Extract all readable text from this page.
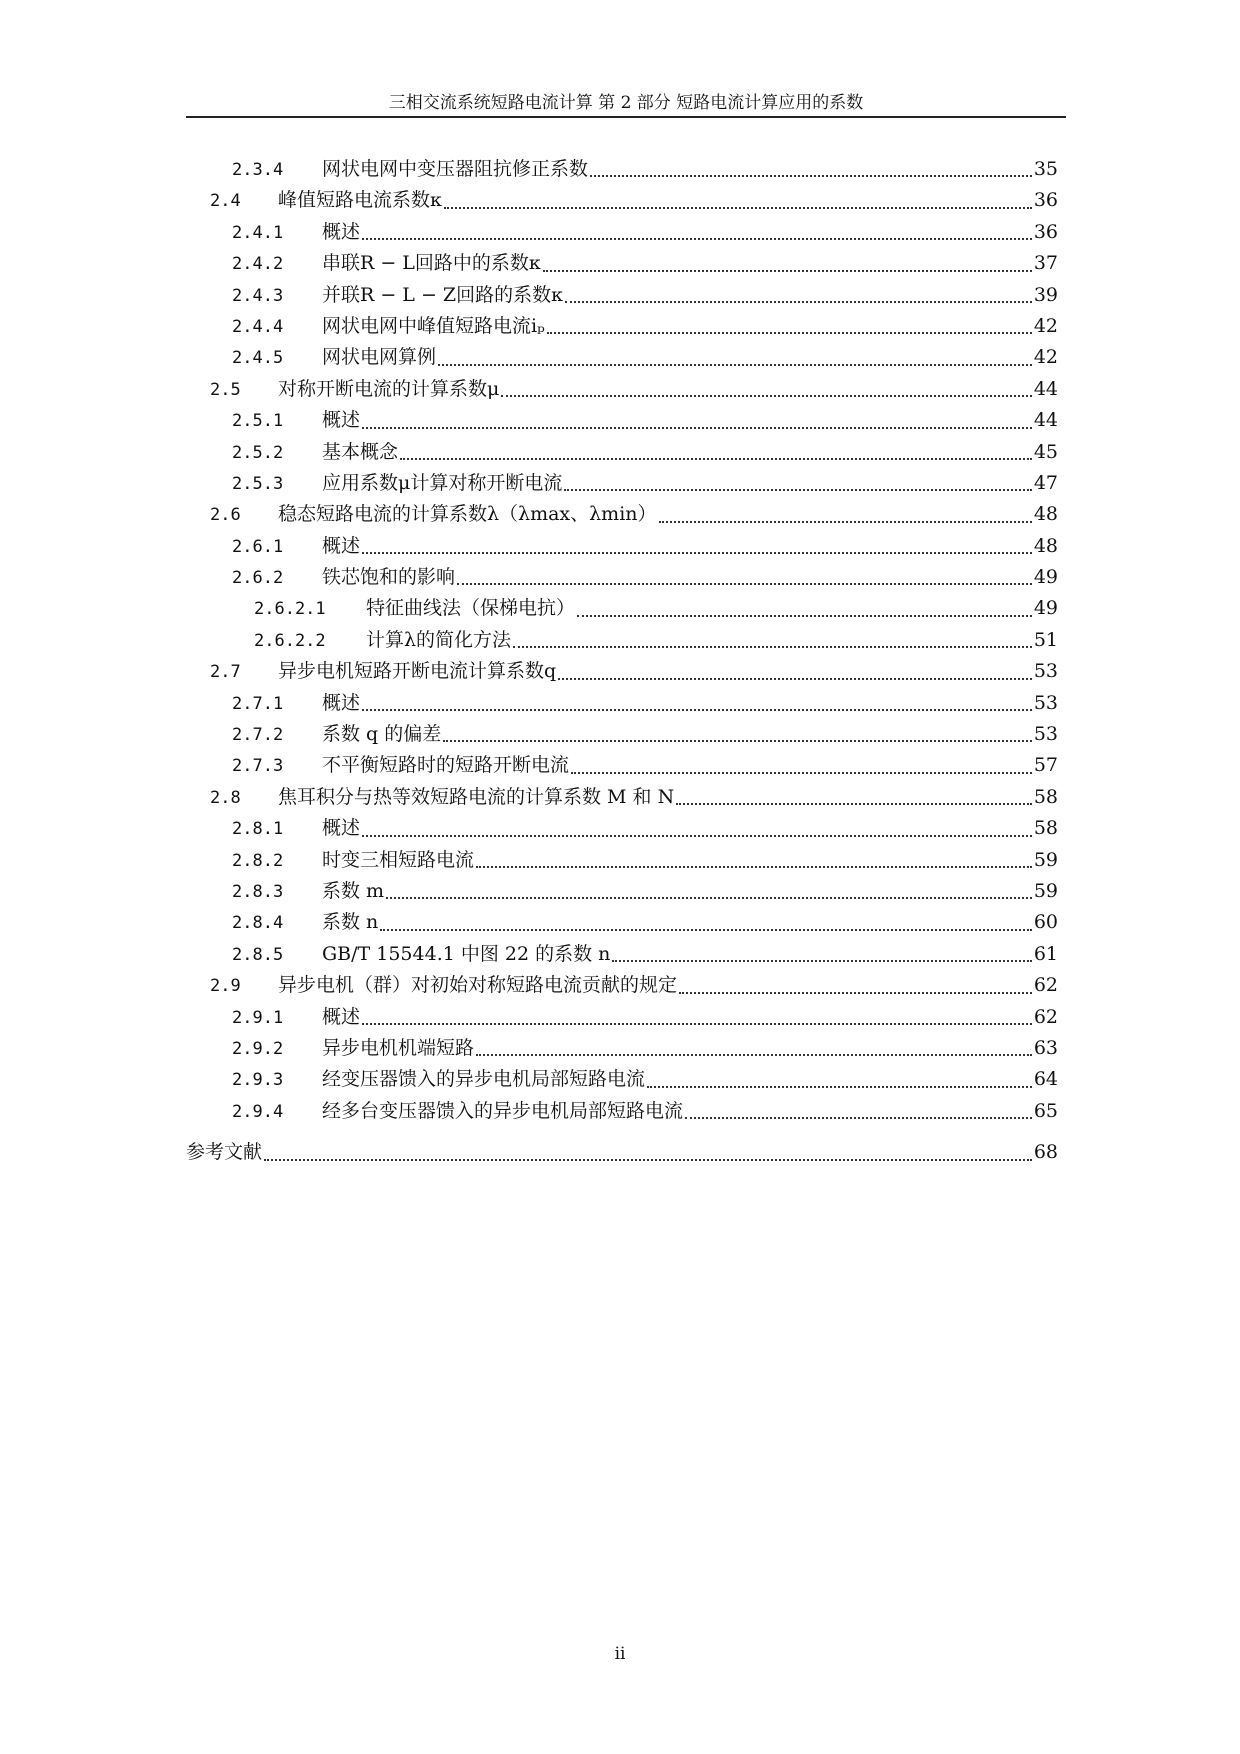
三相交流系统短路电流计算 第 2 部分 短路电流计算应用的系数
2.3.4	网状电网中变压器阻抗修正系数	35
2.4	峰值短路电流系数κ	36
2.4.1	概述	36
2.4.2	串联R − L回路中的系数κ	37
2.4.3	并联R − L − Z回路的系数κ	39
2.4.4	网状电网中峰值短路电流iₚ	42
2.4.5	网状电网算例	42
2.5	对称开断电流的计算系数μ	44
2.5.1	概述	44
2.5.2	基本概念	45
2.5.3	应用系数μ计算对称开断电流	47
2.6	稳态短路电流的计算系数λ（λmax、λmin）	48
2.6.1	概述	48
2.6.2	铁芯饱和的影响	49
2.6.2.1	特征曲线法（保梯电抗）	49
2.6.2.2	计算λ的简化方法	51
2.7	异步电机短路开断电流计算系数q	53
2.7.1	概述	53
2.7.2	系数 q 的偏差	53
2.7.3	不平衡短路时的短路开断电流	57
2.8	焦耳积分与热等效短路电流的计算系数 M 和 N	58
2.8.1	概述	58
2.8.2	时变三相短路电流	59
2.8.3	系数 m	59
2.8.4	系数 n	60
2.8.5	GB/T 15544.1 中图 22 的系数 n	61
2.9	异步电机（群）对初始对称短路电流贡献的规定	62
2.9.1	概述	62
2.9.2	异步电机机端短路	63
2.9.3	经变压器馈入的异步电机局部短路电流	64
2.9.4	经多台变压器馈入的异步电机局部短路电流	65
参考文献	68
ii
